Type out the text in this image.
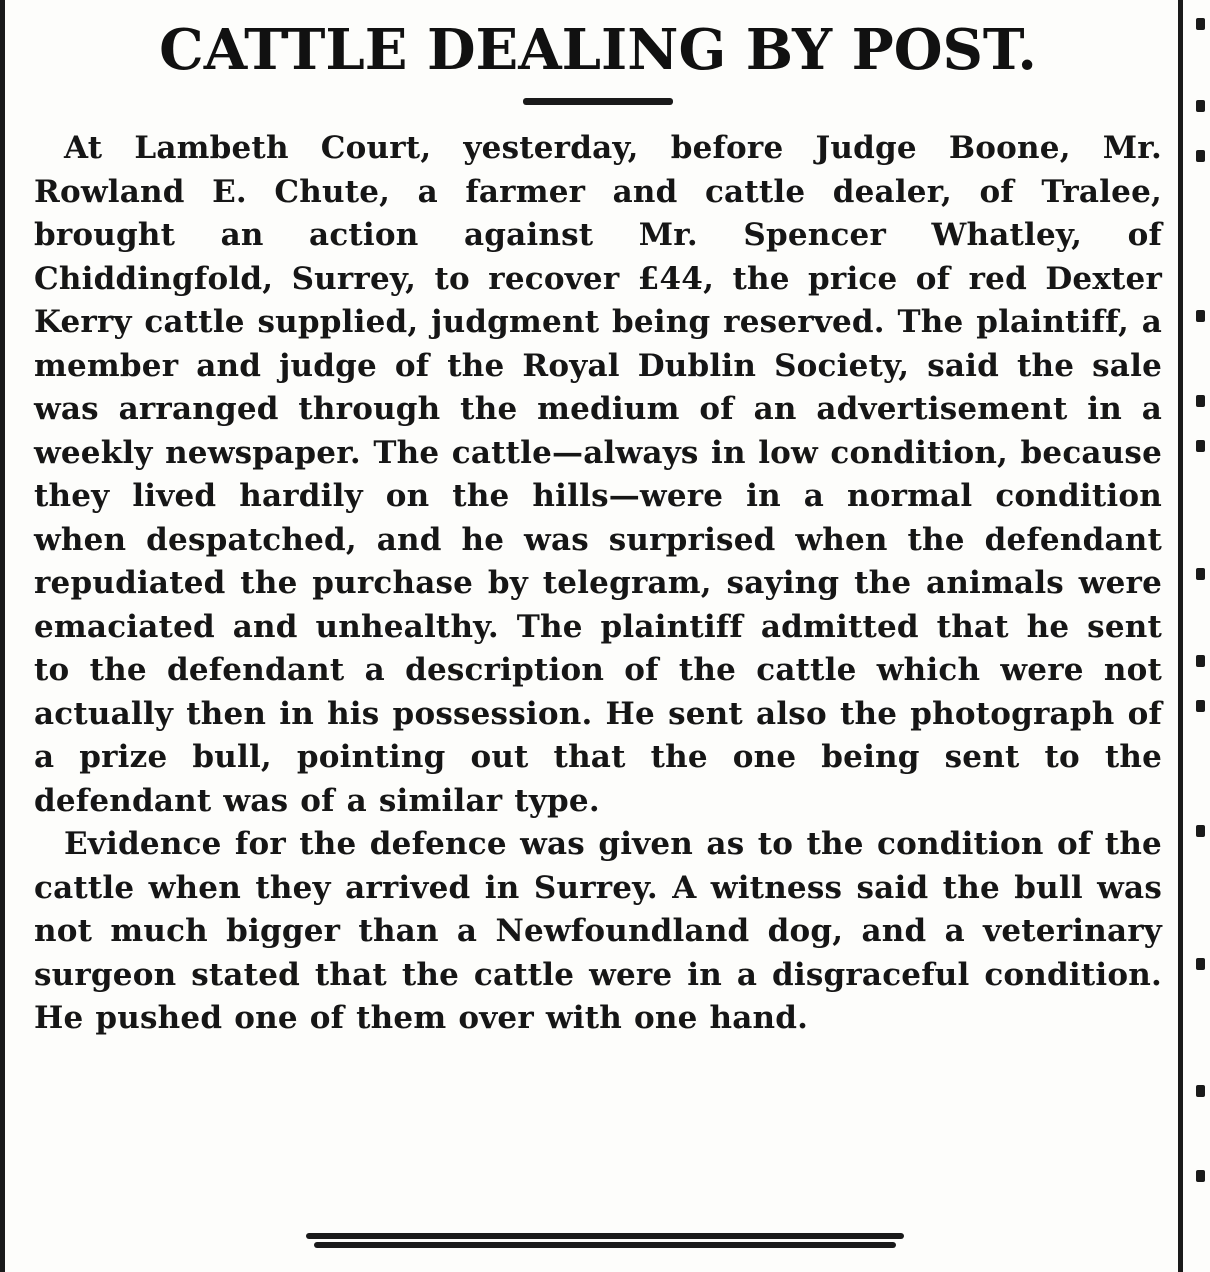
CATTLE DEALING BY POST.

At Lambeth Court, yesterday, before Judge Boone, Mr. Rowland E. Chute, a farmer and cattle dealer, of Tralee, brought an action against Mr. Spencer Whatley, of Chiddingfold, Surrey, to recover £44, the price of red Dexter Kerry cattle supplied, judgment being reserved. The plaintiff, a member and judge of the Royal Dublin Society, said the sale was arranged through the medium of an advertisement in a weekly newspaper. The cattle—always in low condition, because they lived hardily on the hills—were in a normal condition when despatched, and he was surprised when the defendant repudiated the purchase by telegram, saying the animals were emaciated and unhealthy. The plaintiff admitted that he sent to the defendant a description of the cattle which were not actually then in his possession. He sent also the photograph of a prize bull, pointing out that the one being sent to the defendant was of a similar type.

Evidence for the defence was given as to the condition of the cattle when they arrived in Surrey. A witness said the bull was not much bigger than a Newfoundland dog, and a veterinary surgeon stated that the cattle were in a disgraceful condition. He pushed one of them over with one hand.
